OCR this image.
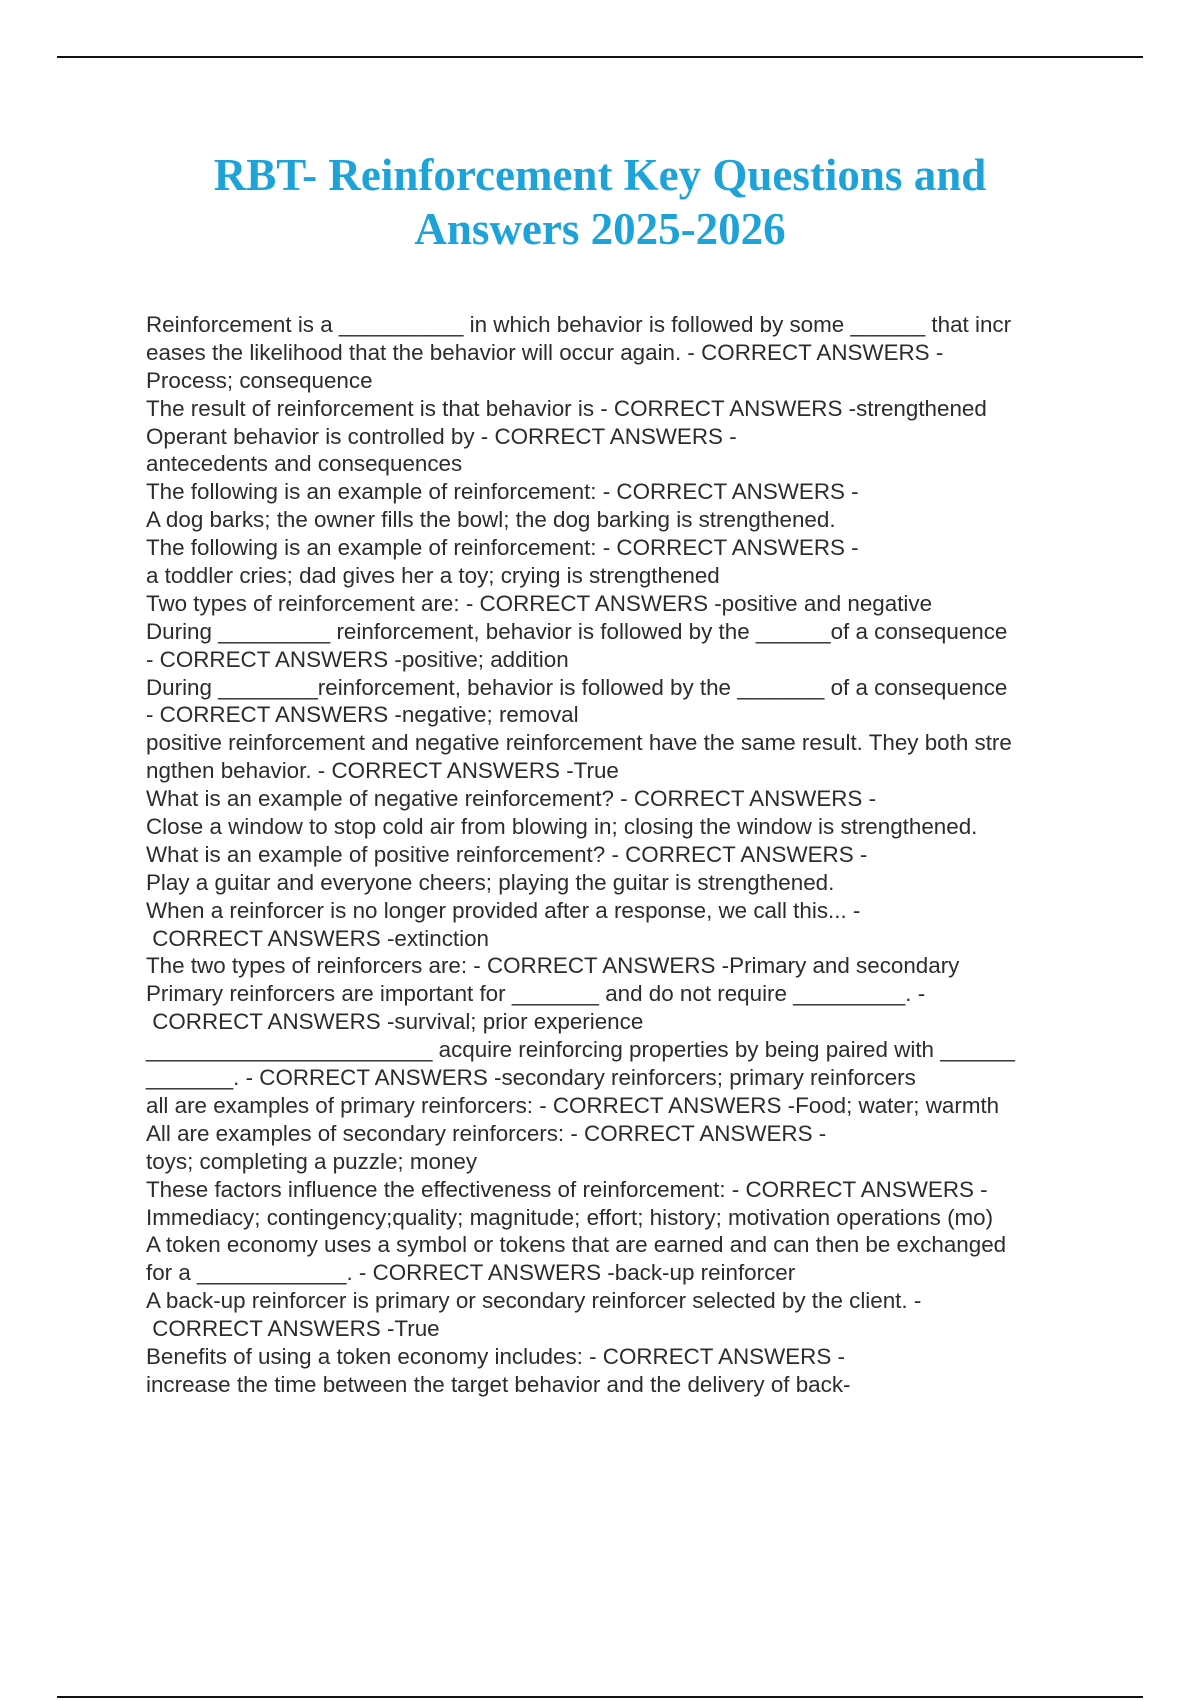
RBT- Reinforcement Key Questions and
Answers 2025-2026
Reinforcement is a __________ in which behavior is followed by some ______ that incr
eases the likelihood that the behavior will occur again. - CORRECT ANSWERS -
Process; consequence
The result of reinforcement is that behavior is - CORRECT ANSWERS -strengthened
Operant behavior is controlled by - CORRECT ANSWERS -
antecedents and consequences
The following is an example of reinforcement: - CORRECT ANSWERS -
A dog barks; the owner fills the bowl; the dog barking is strengthened.
The following is an example of reinforcement: - CORRECT ANSWERS -
a toddler cries; dad gives her a toy; crying is strengthened
Two types of reinforcement are: - CORRECT ANSWERS -positive and negative
During _________ reinforcement, behavior is followed by the ______of a consequence
- CORRECT ANSWERS -positive; addition
During ________reinforcement, behavior is followed by the _______ of a consequence
- CORRECT ANSWERS -negative; removal
positive reinforcement and negative reinforcement have the same result. They both stre
ngthen behavior. - CORRECT ANSWERS -True
What is an example of negative reinforcement? - CORRECT ANSWERS -
Close a window to stop cold air from blowing in; closing the window is strengthened.
What is an example of positive reinforcement? - CORRECT ANSWERS -
Play a guitar and everyone cheers; playing the guitar is strengthened.
When a reinforcer is no longer provided after a response, we call this... -
CORRECT ANSWERS -extinction
The two types of reinforcers are: - CORRECT ANSWERS -Primary and secondary
Primary reinforcers are important for _______ and do not require _________. -
CORRECT ANSWERS -survival; prior experience
_______________________ acquire reinforcing properties by being paired with ______
_______. - CORRECT ANSWERS -secondary reinforcers; primary reinforcers
all are examples of primary reinforcers: - CORRECT ANSWERS -Food; water; warmth
All are examples of secondary reinforcers: - CORRECT ANSWERS -
toys; completing a puzzle; money
These factors influence the effectiveness of reinforcement: - CORRECT ANSWERS -
Immediacy; contingency;quality; magnitude; effort; history; motivation operations (mo)
A token economy uses a symbol or tokens that are earned and can then be exchanged
for a ____________. - CORRECT ANSWERS -back-up reinforcer
A back-up reinforcer is primary or secondary reinforcer selected by the client. -
CORRECT ANSWERS -True
Benefits of using a token economy includes: - CORRECT ANSWERS -
increase the time between the target behavior and the delivery of back-
